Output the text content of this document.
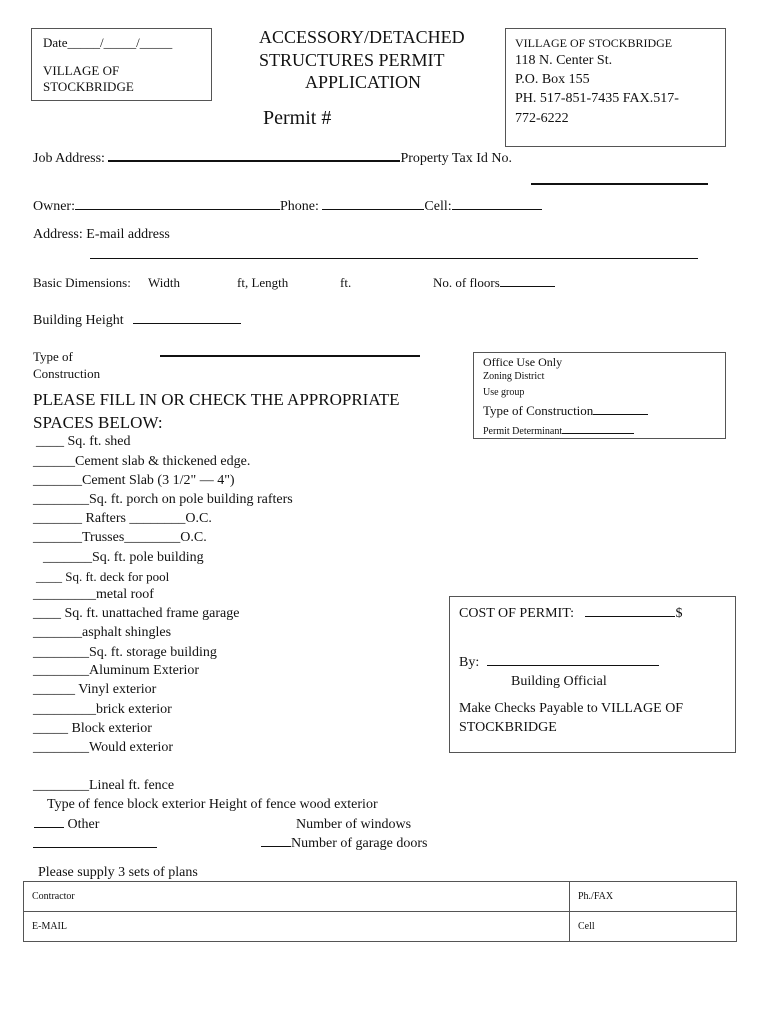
Date_____/_____/_____
VILLAGE OF
STOCKBRIDGE
ACCESSORY/DETACHED
STRUCTURES PERMIT
APPLICATION
Permit #
VILLAGE OF STOCKBRIDGE
118 N. Center St.
P.O. Box 155
PH. 517-851-7435 FAX.517-
772-6222
Job Address:	Property Tax Id No.
Owner:	Phone:	Cell:
Address: E-mail address
Basic Dimensions: Width	ft, Length	ft.	No. of floors
Building Height
Type of
Construction
Office Use Only
Zoning District
Use group
Type of Construction
Permit Determinant
PLEASE FILL IN OR CHECK THE APPROPRIATE
SPACES BELOW:
____ Sq. ft. shed
______Cement slab & thickened edge.
_______Cement Slab (3 1/2" — 4")
________Sq. ft. porch on pole building rafters
_______ Rafters ________O.C.
_______Trusses________O.C.
_______Sq. ft. pole building
____ Sq. ft. deck for pool
_________metal roof
____ Sq. ft. unattached frame garage
_______asphalt shingles
________Sq. ft. storage building
________Aluminum Exterior
______ Vinyl exterior
_________brick exterior
_____ Block exterior
________Would exterior
COST OF PERMIT:	$
By:
Building Official
Make Checks Payable to VILLAGE OF
STOCKBRIDGE
________Lineal ft. fence
Type of fence block exterior Height of fence wood exterior
Other	Number of windows
Number of garage doors
Please supply 3 sets of plans
Contractor	Ph./FAX
E-MAIL	Cell
